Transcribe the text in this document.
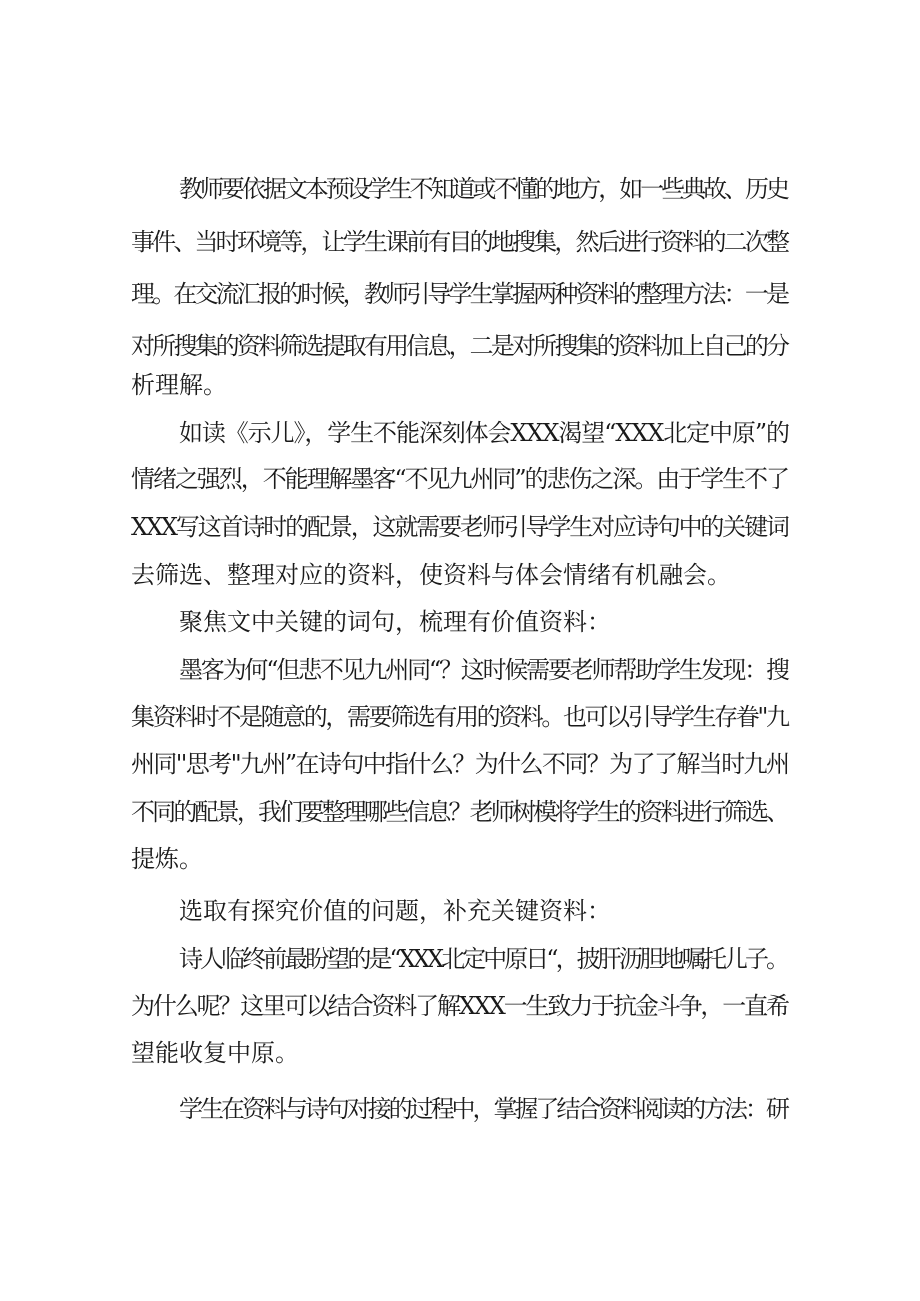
教师要依据文本预设学生不知道或不懂的地方，如一些典故、历史
事件、当时环境等，让学生课前有目的地搜集，然后进行资料的二次整
理。在交流汇报的时候，教师引导学生掌握两种资料的整理方法：一是
对所搜集的资料筛选提取有用信息，二是对所搜集的资料加上自己的分
析理解。
如读《示儿》，学生不能深刻体会XXX渴望“XXX北定中原”的
情绪之强烈，不能理解墨客“不见九州同”的悲伤之深。由于学生不了
XXX写这首诗时的配景，这就需要老师引导学生对应诗句中的关键词
去筛选、整理对应的资料，使资料与体会情绪有机融会。
聚焦文中关键的词句，梳理有价值资料：
墨客为何“但悲不见九州同“？这时候需要老师帮助学生发现：搜
集资料时不是随意的，需要筛选有用的资料。也可以引导学生存眷"九
州同''思考"九州”在诗句中指什么？为什么不同？为了了解当时九州
不同的配景，我们要整理哪些信息？老师树模将学生的资料进行筛选、
提炼。
选取有探究价值的问题，补充关键资料：
诗人临终前最盼望的是“XXX北定中原日“，披肝沥胆地嘱托儿子。
为什么呢？这里可以结合资料了解XXX一生致力于抗金斗争，一直希
望能收复中原。
学生在资料与诗句对接的过程中，掌握了结合资料阅读的方法：研
